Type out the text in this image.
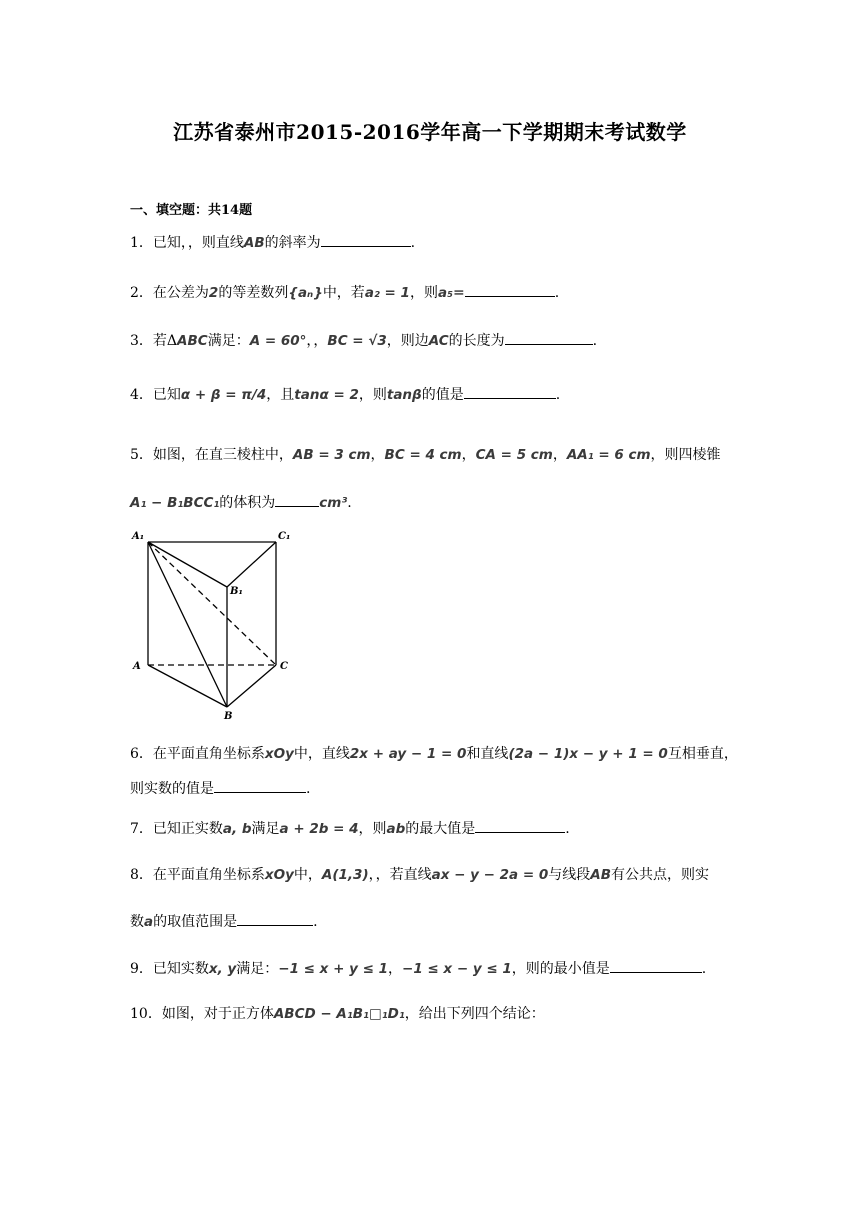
江苏省泰州市2015-2016学年高一下学期期末考试数学
一、填空题：共14题
1．已知，，则直线AB的斜率为	.
2．在公差为2的等差数列{aₙ}中，若a₂ = 1，则a₅=	.
3．若ΔABC满足：A = 60°，，BC = √3，则边AC的长度为	.
4．已知α + β = π/4，且tanα = 2，则tanβ的值是	.
5．如图，在直三棱柱中，AB = 3 cm，BC = 4 cm，CA = 5 cm，AA₁ = 6 cm，则四棱锥
A₁ − B₁BCC₁的体积为	cm³.
A₁	C₁
B₁
A	C
B
6．在平面直角坐标系xOy中，直线2x + ay − 1 = 0和直线(2a − 1)x − y + 1 = 0互相垂直，
则实数的值是	.
7．已知正实数a, b满足a + 2b = 4，则ab的最大值是	.
8．在平面直角坐标系xOy中，A(1,3)，，若直线ax − y − 2a = 0与线段AB有公共点，则实
数a的取值范围是	.
9．已知实数x, y满足：−1 ≤ x + y ≤ 1，−1 ≤ x − y ≤ 1，则的最小值是	.
10．如图，对于正方体ABCD − A₁B₁□₁D₁，给出下列四个结论：
